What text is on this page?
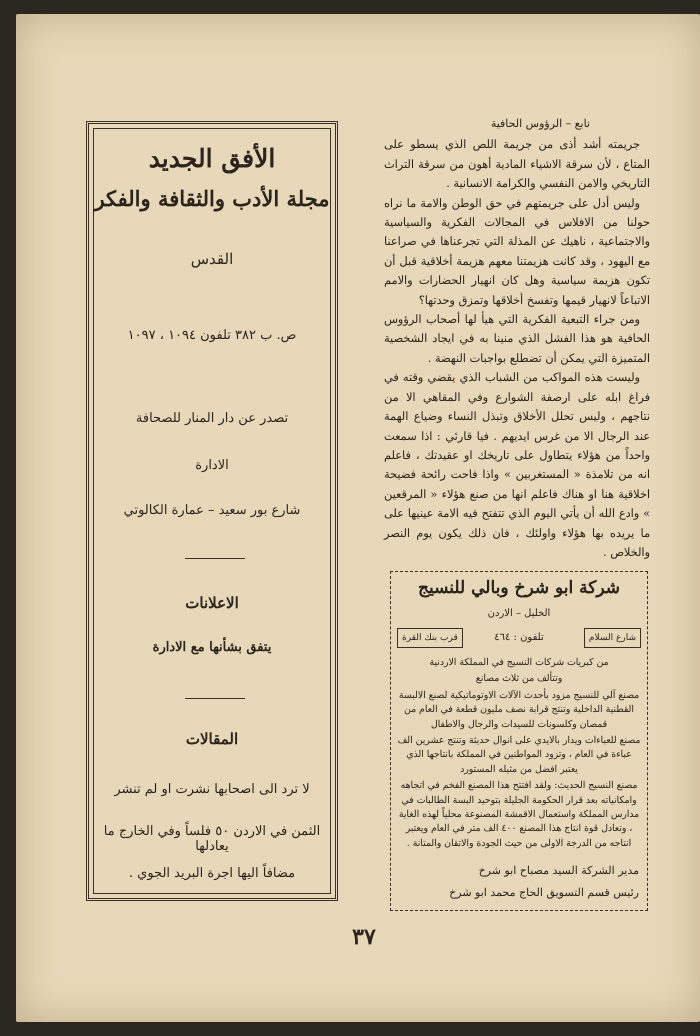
الأفق الجديد
مجلة الأدب والثقافة والفكر
القدس
ص. ب ٣٨٢ تلفون ١٠٩٤ ، ١٠٩٧
تصدر عن دار المنار للصحافة
الادارة
شارع بور سعيد – عمارة الكالوتي
الاعلانات
يتفق بشأنها مع الادارة
المقالات
لا ترد الى اصحابها نشرت او لم تنشر
الثمن في الاردن ٥٠ فلساً وفي الخارج ما يعادلها
مضافاً اليها اجرة البريد الجوي .
تابع – الرؤوس الحافية

جريمته أشد أذى من جريمة اللص الذي يسطو على المتاع ، لأن سرقة الاشياء المادية أهون من سرقة التراث التاريخي والامن النفسي والكرامة الانسانية .

وليس أدل على جريمتهم في حق الوطن والامة ما نراه حولنا من الافلاس في المجالات الفكرية والسياسية والاجتماعية ، ناهيك عن المذلة التي تجرعناها في صراعنا مع اليهود ، وقد كانت هزيمتنا معهم هزيمة أخلاقية قبل أن تكون هزيمة سياسية وهل كان انهيار الحضارات والامم الاتباعاً لانهيار قيمها وتفسخ أخلاقها وتمزق وحدتها؟

ومن جراء التبعية الفكرية التي هيأ لها أصحاب الرؤوس الحافية هو هذا الفشل الذي منينا به في ايجاد الشخصية المتميزة التي يمكن أن تضطلع بواجبات النهضة .

وليست هذه المواكب من الشباب الذي يقضي وقته في فراغ ابله على ارصفة الشوارع وفي المقاهي الا من نتاجهم ، وليس تحلل الأخلاق وتبذل النساء وضياع الهمة عند الرجال الا من غرس ايديهم . فيا قارئي : اذا سمعت واحداً من هؤلاء يتطاول على تاريخك او عقيدتك ، فاعلم انه من تلامذة « المستغربين » واذا فاحت رائحة فضيحة اخلاقية هنا او هناك فاعلم انها من صنع هؤلاء « المرقعين » وادع الله أن يأتي اليوم الذي تتفتح فيه الامة عينيها على ما يريده بها هؤلاء واولئك ، فان ذلك يكون يوم النصر والخلاص .

شركة ابو شرخ وبالي للنسيج
الخليل – الاردن
شارع السلام
تلفون : ٤٦٤
قرب بنك القرة

من كبريات شركات النسيج في المملكة الاردنية

وتتألف من ثلاث مصانع

مصنع آلي للنسيج مزود بأحدث الآلات الاوتوماتيكية لصنع الالبسة القطنية الداخلية وتنتج قرابة نصف مليون قطعة في العام من قمصان وكلسونات للسيدات والرجال والاطفال

مصنع للعباءات ويدار بالايدي على انوال حديثة وتنتج عشرين الف عباءة في العام ، وتزود المواطنين في المملكة بانتاجها الذي يعتبر افضل من مثيله المستورد

مصنع النسيج الحديث: ولقد افتتح هذا المصنع الفخم في اتجاهه وامكانياته بعد قرار الحكومة الجليلة بتوحيد البسة الطالبات في مدارس المملكة واستعمال الاقمشة المصنوعة محلياً لهذه الغاية ، وتعادل قوة انتاج هذا المصنع ٤٠٠ الف متر في العام ويعتبر انتاجه من الدرجة الاولى من حيث الجودة والاتقان والمتانة .

مدير الشركة السيد مصباح ابو شرخ
رئيس قسم التسويق الحاج محمد ابو شرخ
٣٧
